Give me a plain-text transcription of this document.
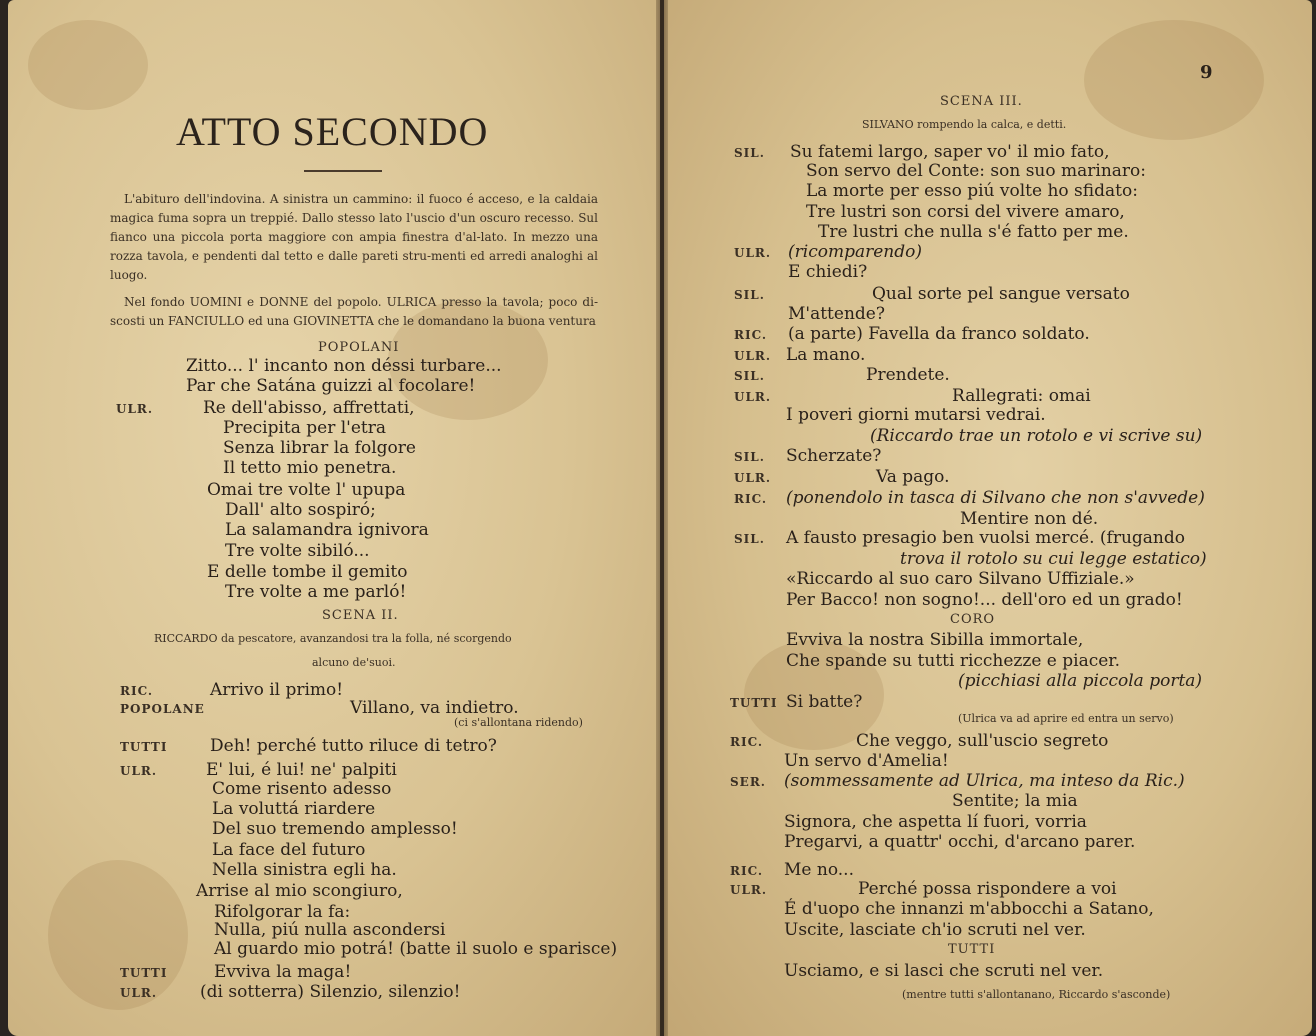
ATTO SECONDO

L'abituro dell'indovina. A sinistra un cammino: il fuoco é acceso, e la caldaia magica fuma sopra un treppié. Dallo stesso lato l'uscio d'un oscuro recesso. Sul fianco una piccola porta maggiore con ampia finestra d'al-lato. In mezzo una rozza tavola, e pendenti dal tetto e dalle pareti stru-menti ed arredi analoghi al luogo.

Nel fondo UOMINI e DONNE del popolo. ULRICA presso la tavola; poco di-scosti un FANCIULLO ed una GIOVINETTA che le domandano la buona ventura

POPOLANI
Zitto... l' incanto non déssi turbare...
Par che Satána guizzi al focolare!
ULR.	Re dell'abisso, affrettati,
Precipita per l'etra
Senza librar la folgore
Il tetto mio penetra.
Omai tre volte l' upupa
Dall' alto sospiró;
La salamandra ignivora
Tre volte sibiló...
E delle tombe il gemito
Tre volte a me parló!
SCENA II.
RICCARDO da pescatore, avanzandosi tra la folla, né scorgendo
alcuno de'suoi.
RIC.	Arrivo il primo!
POPOLANE	Villano, va indietro.
(ci s'allontana ridendo)
TUTTI	Deh! perché tutto riluce di tetro?
ULR.	E' lui, é lui! ne' palpiti
Come risento adesso
La voluttá riardere
Del suo tremendo amplesso!
La face del futuro
Nella sinistra egli ha.
Arrise al mio scongiuro,
Rifolgorar la fa:
Nulla, piú nulla ascondersi
Al guardo mio potrá! (batte il suolo e sparisce)
TUTTI	Evviva la maga!
ULR.	(di sotterra) Silenzio, silenzio!
9
SCENA III.
SILVANO rompendo la calca, e detti.
SIL. Su fatemi largo, saper vo' il mio fato,
Son servo del Conte: son suo marinaro:
La morte per esso piú volte ho sfidato:
Tre lustri son corsi del vivere amaro,
Tre lustri che nulla s'é fatto per me.
ULR. (ricomparendo)
E chiedi?
SIL.	Qual sorte pel sangue versato
M'attende?
RIC. (a parte) Favella da franco soldato.
ULR. La mano.
SIL.	Prendete.
ULR.	Rallegrati: omai
I poveri giorni mutarsi vedrai.
(Riccardo trae un rotolo e vi scrive su)
SIL. Scherzate?
ULR.	Va pago.
RIC. (ponendolo in tasca di Silvano che non s'avvede)
Mentire non dé.
SIL. A fausto presagio ben vuolsi mercé. (frugando
trova il rotolo su cui legge estatico)
«Riccardo al suo caro Silvano Uffiziale.»
Per Bacco! non sogno!... dell'oro ed un grado!
CORO
Evviva la nostra Sibilla immortale,
Che spande su tutti ricchezze e piacer.
(picchiasi alla piccola porta)
TUTTI Si batte?
(Ulrica va ad aprire ed entra un servo)
RIC.	Che veggo, sull'uscio segreto
Un servo d'Amelia!
SER. (sommessamente ad Ulrica, ma inteso da Ric.)
Sentite; la mia
Signora, che aspetta lí fuori, vorria
Pregarvi, a quattr' occhi, d'arcano parer.
RIC. Me no...
ULR.	Perché possa rispondere a voi
É d'uopo che innanzi m'abbocchi a Satano,
Uscite, lasciate ch'io scruti nel ver.
TUTTI
Usciamo, e si lasci che scruti nel ver.
(mentre tutti s'allontanano, Riccardo s'asconde)
